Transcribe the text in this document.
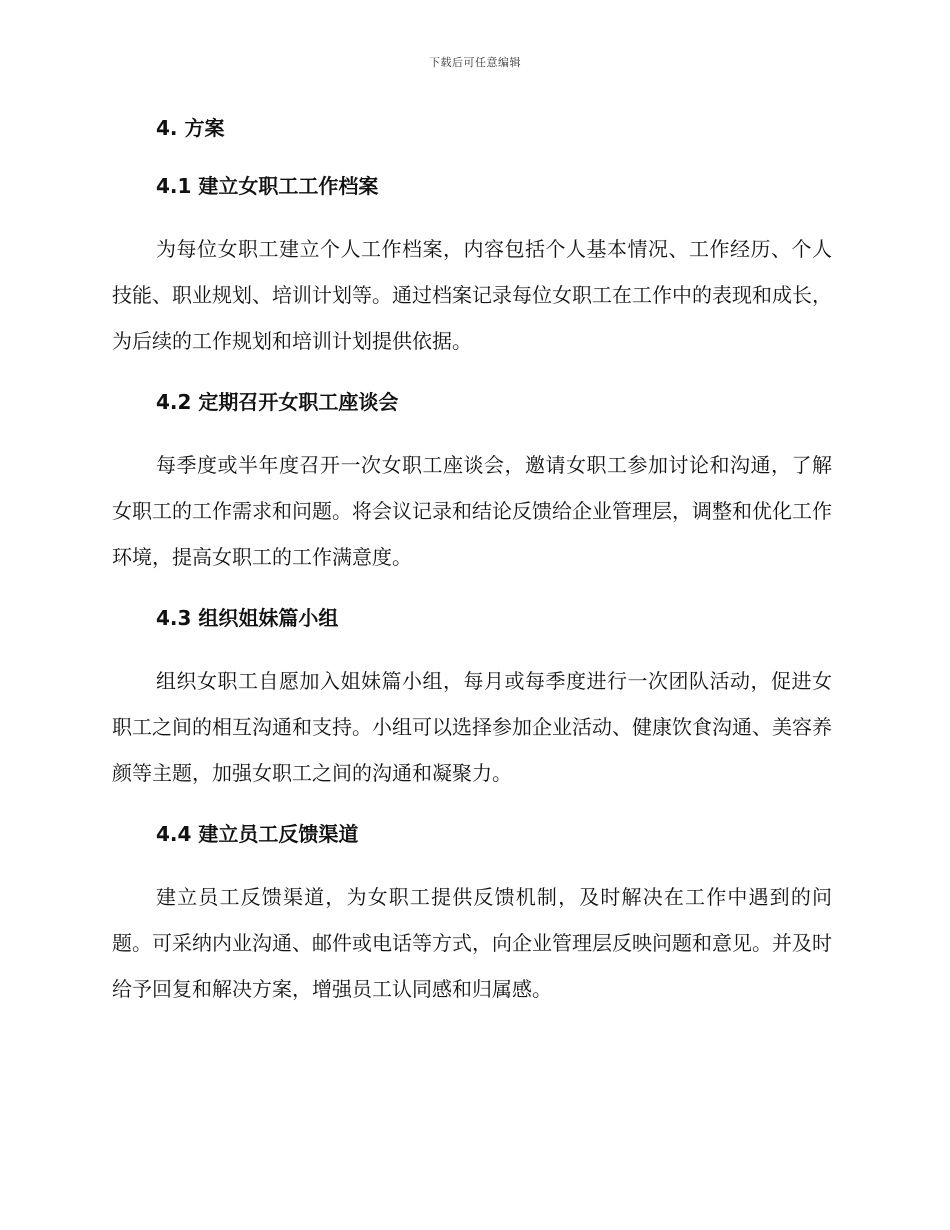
下载后可任意编辑
4. 方案
4.1 建立女职工工作档案

为每位女职工建立个人工作档案，内容包括个人基本情况、工作经历、个人技能、职业规划、培训计划等。通过档案记录每位女职工在工作中的表现和成长，为后续的工作规划和培训计划提供依据。

4.2 定期召开女职工座谈会

每季度或半年度召开一次女职工座谈会，邀请女职工参加讨论和沟通，了解女职工的工作需求和问题。将会议记录和结论反馈给企业管理层，调整和优化工作环境，提高女职工的工作满意度。

4.3 组织姐妹篇小组

组织女职工自愿加入姐妹篇小组，每月或每季度进行一次团队活动，促进女职工之间的相互沟通和支持。小组可以选择参加企业活动、健康饮食沟通、美容养颜等主题，加强女职工之间的沟通和凝聚力。

4.4 建立员工反馈渠道

建立员工反馈渠道，为女职工提供反馈机制，及时解决在工作中遇到的问题。可采纳内业沟通、邮件或电话等方式，向企业管理层反映问题和意见。并及时给予回复和解决方案，增强员工认同感和归属感。
